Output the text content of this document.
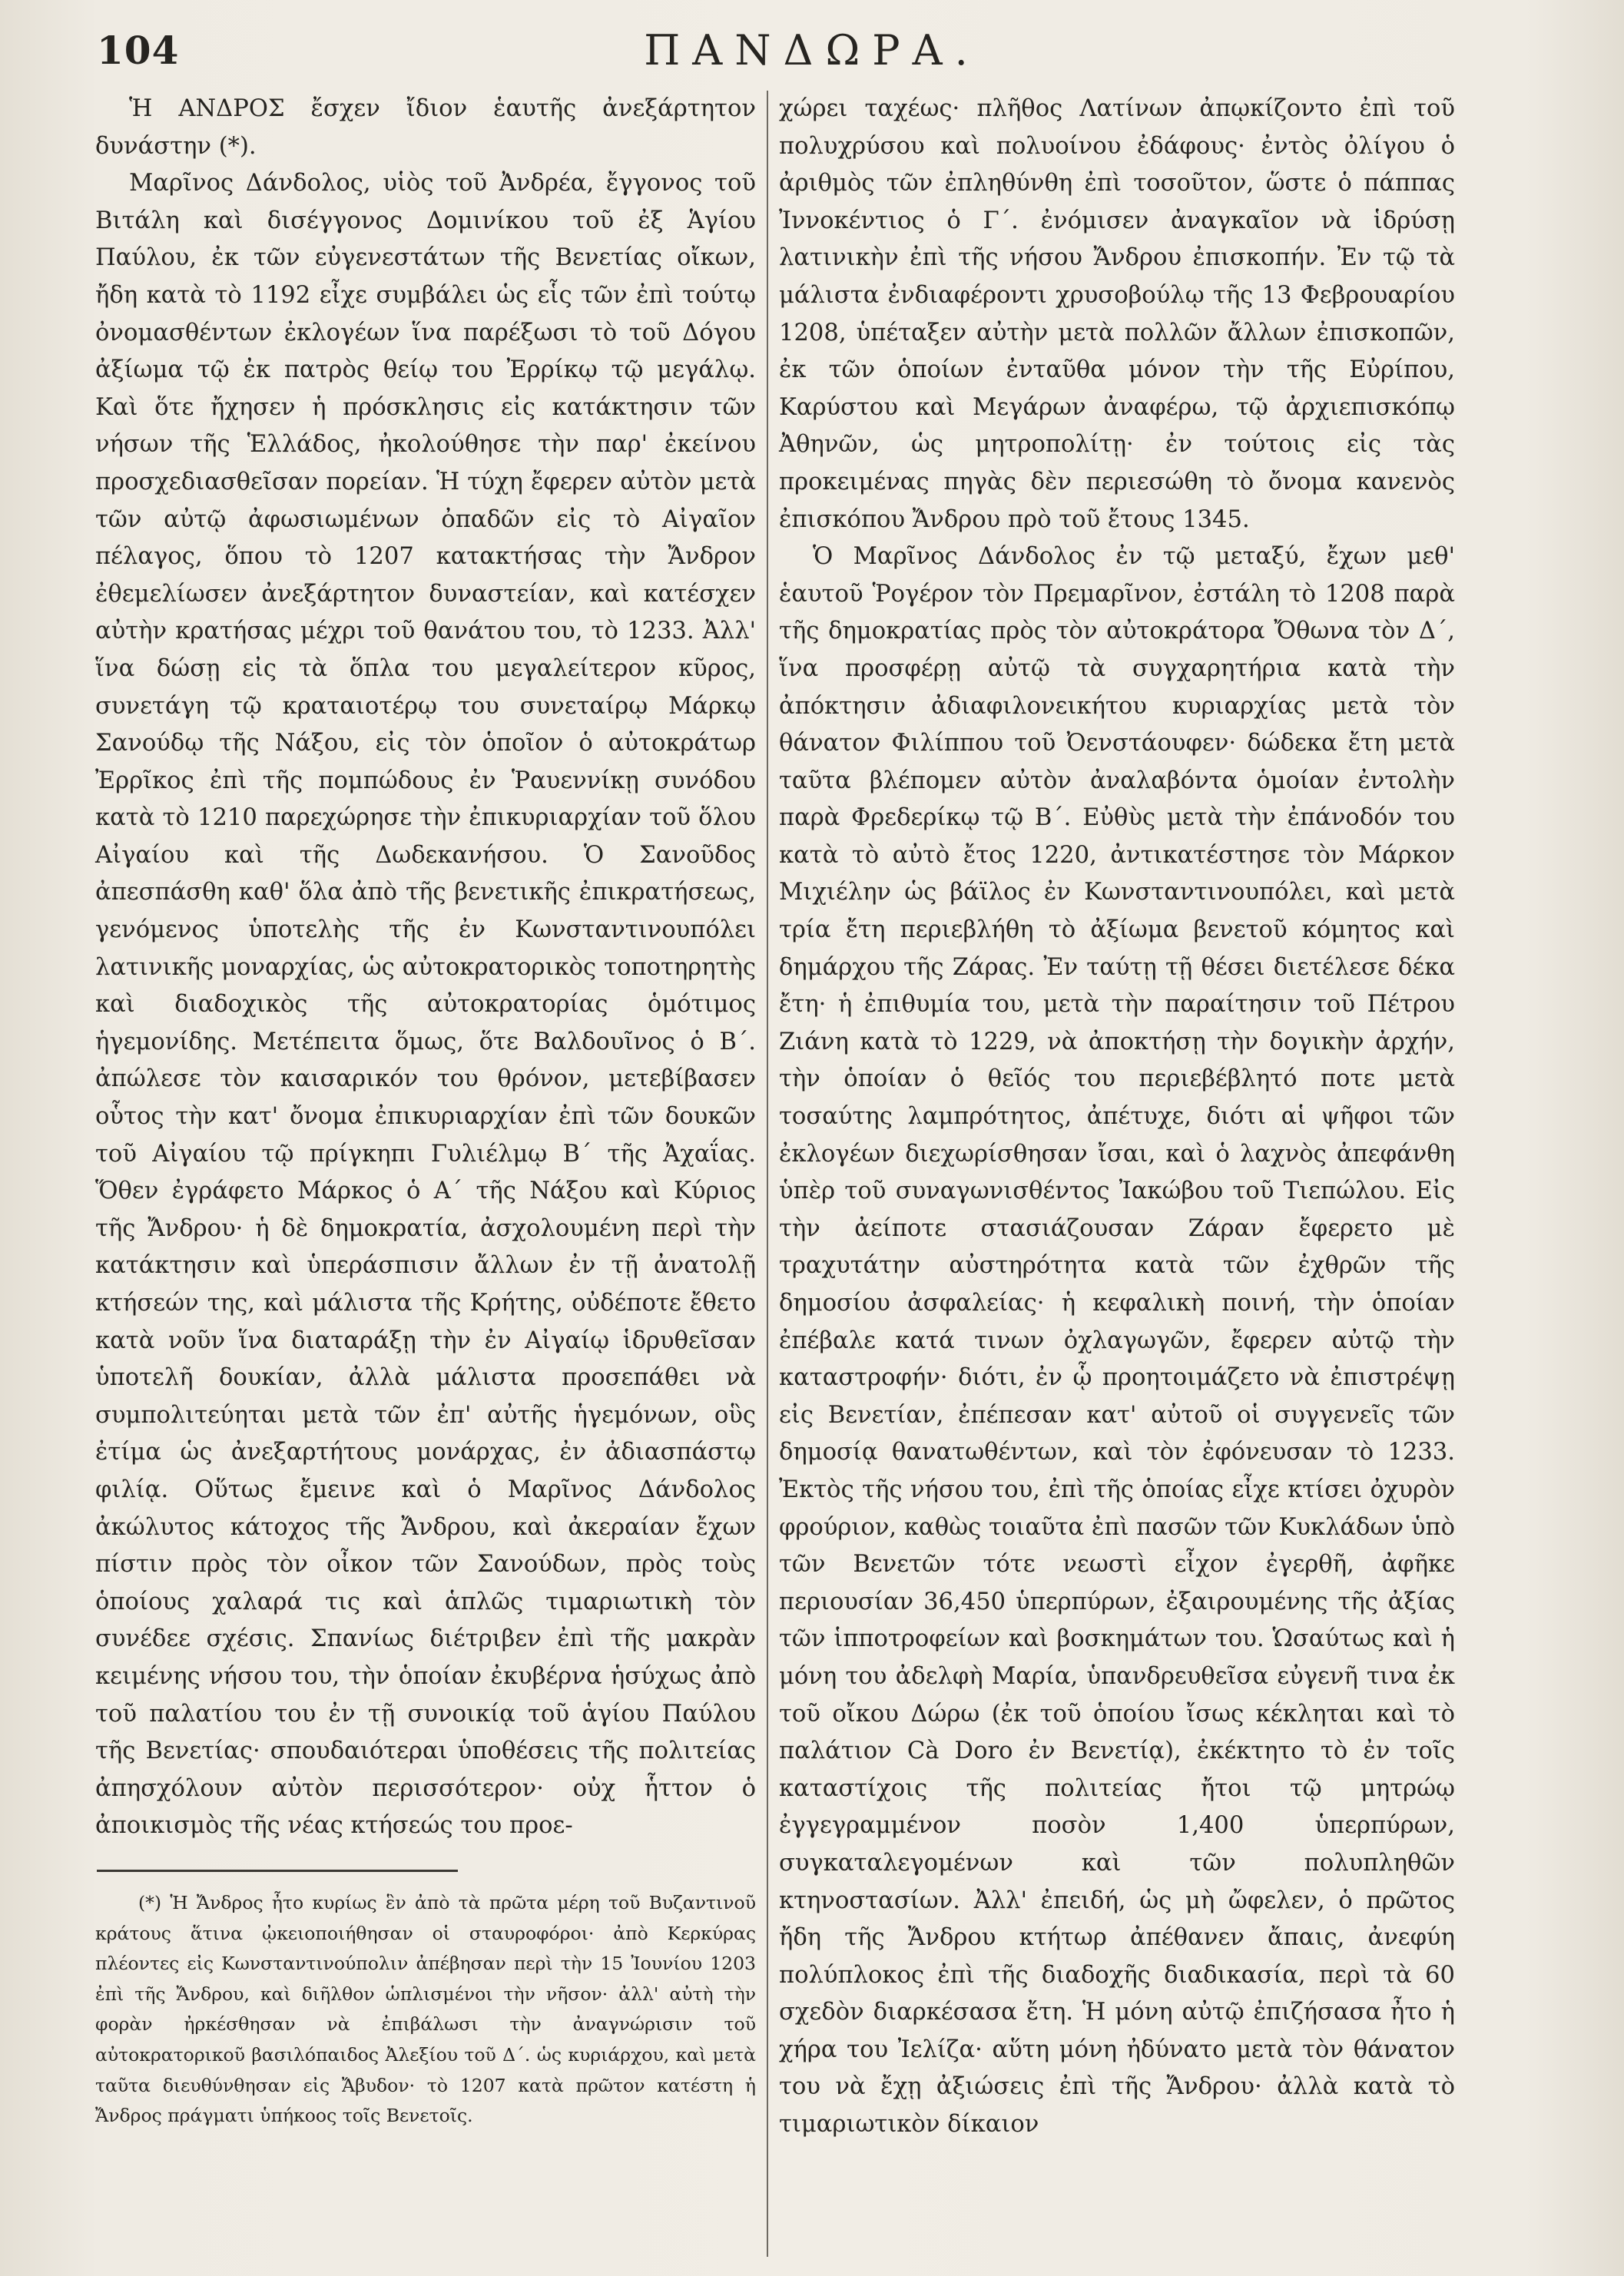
104	ΠΑΝΔΩΡΑ.

Ἡ ΑΝΔΡΟΣ ἔσχεν ἴδιον ἑαυτῆς ἀνεξάρτητον δυνάστην (*).

Μαρῖνος Δάνδολος, υἱὸς τοῦ Ἀνδρέα, ἔγγονος τοῦ Βιτάλη καὶ δισέγγονος Δομινίκου τοῦ ἐξ Ἁγίου Παύλου, ἐκ τῶν εὐγενεστάτων τῆς Βενετίας οἴκων, ἤδη κατὰ τὸ 1192 εἶχε συμβάλει ὡς εἷς τῶν ἐπὶ τούτῳ ὀνομασθέντων ἐκλογέων ἵνα παρέξωσι τὸ τοῦ Δόγου ἀξίωμα τῷ ἐκ πατρὸς θείῳ του Ἐρρίκῳ τῷ μεγάλῳ. Καὶ ὅτε ἤχησεν ἡ πρόσκλησις εἰς κατάκτησιν τῶν νήσων τῆς Ἑλλάδος, ἠκολούθησε τὴν παρ' ἐκείνου προσχεδιασθεῖσαν πορείαν. Ἡ τύχη ἔφερεν αὐτὸν μετὰ τῶν αὐτῷ ἀφωσιωμένων ὀπαδῶν εἰς τὸ Αἰγαῖον πέλαγος, ὅπου τὸ 1207 κατακτήσας τὴν Ἄνδρον ἐθεμελίωσεν ἀνεξάρτητον δυναστείαν, καὶ κατέσχεν αὐτὴν κρατήσας μέχρι τοῦ θανάτου του, τὸ 1233. Ἀλλ' ἵνα δώσῃ εἰς τὰ ὅπλα του μεγαλείτερον κῦρος, συνετάγη τῷ κραταιοτέρῳ του συνεταίρῳ Μάρκῳ Σανούδῳ τῆς Νάξου, εἰς τὸν ὁποῖον ὁ αὐτοκράτωρ Ἐρρῖκος ἐπὶ τῆς πομπώδους ἐν Ῥαυεννίκῃ συνόδου κατὰ τὸ 1210 παρεχώρησε τὴν ἐπικυριαρχίαν τοῦ ὅλου Αἰγαίου καὶ τῆς Δωδεκανήσου. Ὁ Σανοῦδος ἀπεσπάσθη καθ' ὅλα ἀπὸ τῆς βενετικῆς ἐπικρατήσεως, γενόμενος ὑποτελὴς τῆς ἐν Κωνσταντινουπόλει λατινικῆς μοναρχίας, ὡς αὐτοκρατορικὸς τοποτηρητὴς καὶ διαδοχικὸς τῆς αὐτοκρατορίας ὁμότιμος ἡγεμονίδης. Μετέπειτα ὅμως, ὅτε Βαλδουῖνος ὁ Β΄. ἀπώλεσε τὸν καισαρικόν του θρόνον, μετεβίβασεν οὗτος τὴν κατ' ὄνομα ἐπικυριαρχίαν ἐπὶ τῶν δουκῶν τοῦ Αἰγαίου τῷ πρίγκηπι Γυλιέλμῳ Β΄ τῆς Ἀχαΐας. Ὅθεν ἐγράφετο Μάρκος ὁ Α΄ τῆς Νάξου καὶ Κύριος τῆς Ἄνδρου· ἡ δὲ δημοκρατία, ἀσχολουμένη περὶ τὴν κατάκτησιν καὶ ὑπεράσπισιν ἄλλων ἐν τῇ ἀνατολῇ κτήσεών της, καὶ μάλιστα τῆς Κρήτης, οὐδέποτε ἔθετο κατὰ νοῦν ἵνα διαταράξῃ τὴν ἐν Αἰγαίῳ ἱδρυθεῖσαν ὑποτελῆ δουκίαν, ἀλλὰ μάλιστα προσεπάθει νὰ συμπολιτεύηται μετὰ τῶν ἐπ' αὐτῆς ἡγεμόνων, οὓς ἐτίμα ὡς ἀνεξαρτήτους μονάρχας, ἐν ἀδιασπάστῳ φιλίᾳ. Οὕτως ἔμεινε καὶ ὁ Μαρῖνος Δάνδολος ἀκώλυτος κάτοχος τῆς Ἄνδρου, καὶ ἀκεραίαν ἔχων πίστιν πρὸς τὸν οἶκον τῶν Σανούδων, πρὸς τοὺς ὁποίους χαλαρά τις καὶ ἁπλῶς τιμαριωτικὴ τὸν συνέδεε σχέσις. Σπανίως διέτριβεν ἐπὶ τῆς μακρὰν κειμένης νήσου του, τὴν ὁποίαν ἐκυβέρνα ἡσύχως ἀπὸ τοῦ παλατίου του ἐν τῇ συνοικίᾳ τοῦ ἁγίου Παύλου τῆς Βενετίας· σπουδαιότεραι ὑποθέσεις τῆς πολιτείας ἀπησχόλουν αὐτὸν περισσότερον· οὐχ ἧττον ὁ ἀποικισμὸς τῆς νέας κτήσεώς του προε-

χώρει ταχέως· πλῆθος Λατίνων ἀπῳκίζοντο ἐπὶ τοῦ πολυχρύσου καὶ πολυοίνου ἐδάφους· ἐντὸς ὀλίγου ὁ ἀριθμὸς τῶν ἐπληθύνθη ἐπὶ τοσοῦτον, ὥστε ὁ πάππας Ἰννοκέντιος ὁ Γ΄. ἐνόμισεν ἀναγκαῖον νὰ ἱδρύσῃ λατινικὴν ἐπὶ τῆς νήσου Ἄνδρου ἐπισκοπήν. Ἐν τῷ τὰ μάλιστα ἐνδιαφέροντι χρυσοβούλῳ τῆς 13 Φεβρουαρίου 1208, ὑπέταξεν αὐτὴν μετὰ πολλῶν ἄλλων ἐπισκοπῶν, ἐκ τῶν ὁποίων ἐνταῦθα μόνον τὴν τῆς Εὐρίπου, Καρύστου καὶ Μεγάρων ἀναφέρω, τῷ ἀρχιεπισκόπῳ Ἀθηνῶν, ὡς μητροπολίτῃ· ἐν τούτοις εἰς τὰς προκειμένας πηγὰς δὲν περιεσώθη τὸ ὄνομα κανενὸς ἐπισκόπου Ἄνδρου πρὸ τοῦ ἔτους 1345.

Ὁ Μαρῖνος Δάνδολος ἐν τῷ μεταξύ, ἔχων μεθ' ἑαυτοῦ Ῥογέρον τὸν Πρεμαρῖνον, ἐστάλη τὸ 1208 παρὰ τῆς δημοκρατίας πρὸς τὸν αὐτοκράτορα Ὄθωνα τὸν Δ΄, ἵνα προσφέρῃ αὐτῷ τὰ συγχαρητήρια κατὰ τὴν ἀπόκτησιν ἀδιαφιλονεικήτου κυριαρχίας μετὰ τὸν θάνατον Φιλίππου τοῦ Ὀενστάουφεν· δώδεκα ἔτη μετὰ ταῦτα βλέπομεν αὐτὸν ἀναλαβόντα ὁμοίαν ἐντολὴν παρὰ Φρεδερίκῳ τῷ Β΄. Εὐθὺς μετὰ τὴν ἐπάνοδόν του κατὰ τὸ αὐτὸ ἔτος 1220, ἀντικατέστησε τὸν Μάρκον Μιχιέλην ὡς βάϊλος ἐν Κωνσταντινουπόλει, καὶ μετὰ τρία ἔτη περιεβλήθη τὸ ἀξίωμα βενετοῦ κόμητος καὶ δημάρχου τῆς Ζάρας. Ἐν ταύτῃ τῇ θέσει διετέλεσε δέκα ἔτη· ἡ ἐπιθυμία του, μετὰ τὴν παραίτησιν τοῦ Πέτρου Ζιάνη κατὰ τὸ 1229, νὰ ἀποκτήσῃ τὴν δογικὴν ἀρχήν, τὴν ὁποίαν ὁ θεῖός του περιεβέβλητό ποτε μετὰ τοσαύτης λαμπρότητος, ἀπέτυχε, διότι αἱ ψῆφοι τῶν ἐκλογέων διεχωρίσθησαν ἴσαι, καὶ ὁ λαχνὸς ἀπεφάνθη ὑπὲρ τοῦ συναγωνισθέντος Ἰακώβου τοῦ Τιεπώλου. Εἰς τὴν ἀείποτε στασιάζουσαν Ζάραν ἔφερετο μὲ τραχυτάτην αὐστηρότητα κατὰ τῶν ἐχθρῶν τῆς δημοσίου ἀσφαλείας· ἡ κεφαλικὴ ποινή, τὴν ὁποίαν ἐπέβαλε κατά τινων ὀχλαγωγῶν, ἔφερεν αὐτῷ τὴν καταστροφήν· διότι, ἐν ᾧ προητοιμάζετο νὰ ἐπιστρέψῃ εἰς Βενετίαν, ἐπέπεσαν κατ' αὐτοῦ οἱ συγγενεῖς τῶν δημοσίᾳ θανατωθέντων, καὶ τὸν ἐφόνευσαν τὸ 1233. Ἐκτὸς τῆς νήσου του, ἐπὶ τῆς ὁποίας εἶχε κτίσει ὀχυρὸν φρούριον, καθὼς τοιαῦτα ἐπὶ πασῶν τῶν Κυκλάδων ὑπὸ τῶν Βενετῶν τότε νεωστὶ εἶχον ἐγερθῆ, ἀφῆκε περιουσίαν 36,450 ὑπερπύρων, ἐξαιρουμένης τῆς ἀξίας τῶν ἱπποτροφείων καὶ βοσκημάτων του. Ὡσαύτως καὶ ἡ μόνη του ἀδελφὴ Μαρία, ὑπανδρευθεῖσα εὐγενῆ τινα ἐκ τοῦ οἴκου Δώρω (ἐκ τοῦ ὁποίου ἴσως κέκληται καὶ τὸ παλάτιον Cà Doro ἐν Βενετίᾳ), ἐκέκτητο τὸ ἐν τοῖς καταστίχοις τῆς πολιτείας ἤτοι τῷ μητρώῳ ἐγγεγραμμένον ποσὸν 1,400 ὑπερπύρων, συγκαταλεγομένων καὶ τῶν πολυπληθῶν κτηνοστασίων. Ἀλλ' ἐπειδή, ὡς μὴ ὤφελεν, ὁ πρῶτος ἤδη τῆς Ἄνδρου κτήτωρ ἀπέθανεν ἄπαις, ἀνεφύη πολύπλοκος ἐπὶ τῆς διαδοχῆς διαδικασία, περὶ τὰ 60 σχεδὸν διαρκέσασα ἔτη. Ἡ μόνη αὐτῷ ἐπιζήσασα ἦτο ἡ χήρα του Ἰελίζα· αὕτη μόνη ἠδύνατο μετὰ τὸν θάνατον του νὰ ἔχῃ ἀξιώσεις ἐπὶ τῆς Ἄνδρου· ἀλλὰ κατὰ τὸ τιμαριωτικὸν δίκαιον

(*) Ἡ Ἄνδρος ἦτο κυρίως ἓν ἀπὸ τὰ πρῶτα μέρη τοῦ Βυζαντινοῦ κράτους ἅτινα ᾠκειοποιήθησαν οἱ σταυροφόροι· ἀπὸ Κερκύρας πλέοντες εἰς Κωνσταντινούπολιν ἀπέβησαν περὶ τὴν 15 Ἰουνίου 1203 ἐπὶ τῆς Ἄνδρου, καὶ διῆλθον ὡπλισμένοι τὴν νῆσον· ἀλλ' αὐτὴ τὴν φορὰν ἠρκέσθησαν νὰ ἐπιβάλωσι τὴν ἀναγνώρισιν τοῦ αὐτοκρατορικοῦ βασιλόπαιδος Ἀλεξίου τοῦ Δ΄. ὡς κυριάρχου, καὶ μετὰ ταῦτα διευθύνθησαν εἰς Ἄβυδον· τὸ 1207 κατὰ πρῶτον κατέστη ἡ Ἄνδρος πράγματι ὑπήκοος τοῖς Βενετοῖς.
